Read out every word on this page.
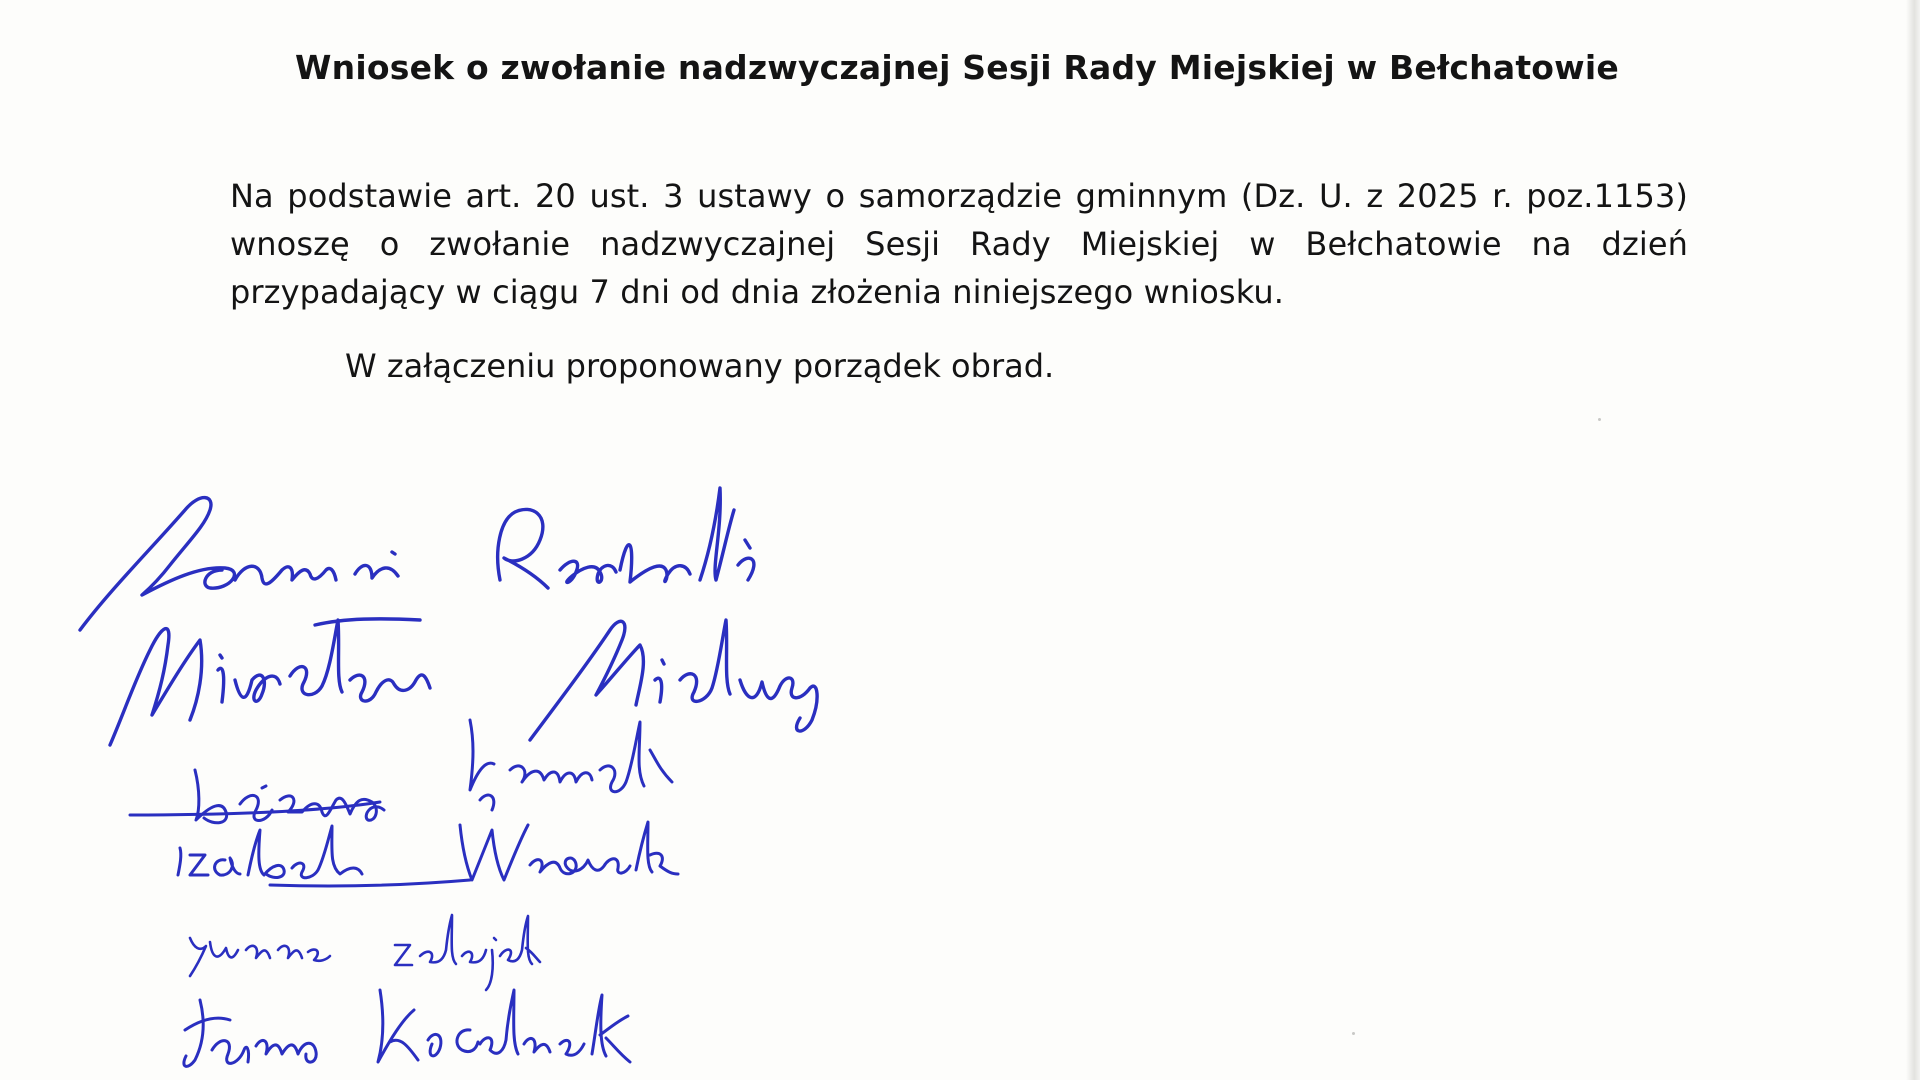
Wniosek o zwołanie nadzwyczajnej Sesji Rady Miejskiej w Bełchatowie

Na podstawie art. 20 ust. 3 ustawy o samorządzie gminnym (Dz. U. z 2025 r. poz.1153) wnoszę o zwołanie nadzwyczajnej Sesji Rady Miejskiej w Bełchatowie na dzień przypadający w ciągu 7 dni od dnia złożenia niniejszego wniosku.

W załączeniu proponowany porządek obrad.
